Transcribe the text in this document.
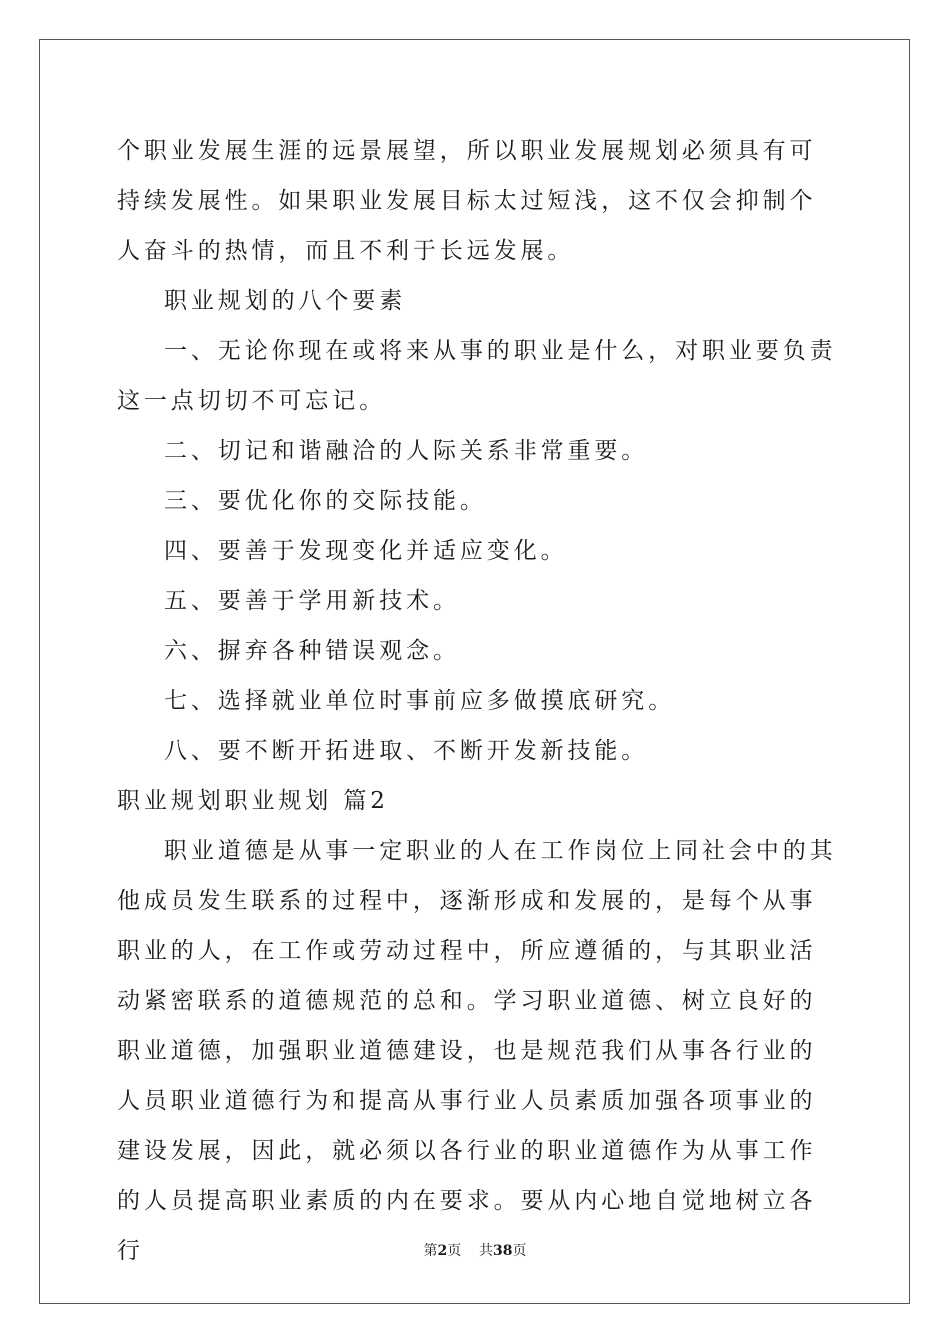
个职业发展生涯的远景展望，所以职业发展规划必须具有可持续发展性。如果职业发展目标太过短浅，这不仅会抑制个人奋斗的热情，而且不利于长远发展。

职业规划的八个要素

一、无论你现在或将来从事的职业是什么，对职业要负责这一点切切不可忘记。

二、切记和谐融洽的人际关系非常重要。

三、要优化你的交际技能。

四、要善于发现变化并适应变化。

五、要善于学用新技术。

六、摒弃各种错误观念。

七、选择就业单位时事前应多做摸底研究。

八、要不断开拓进取、不断开发新技能。

职业规划职业规划 篇2

职业道德是从事一定职业的人在工作岗位上同社会中的其他成员发生联系的过程中，逐渐形成和发展的，是每个从事职业的人，在工作或劳动过程中，所应遵循的，与其职业活动紧密联系的道德规范的总和。学习职业道德、树立良好的职业道德，加强职业道德建设，也是规范我们从事各行业的人员职业道德行为和提高从事行业人员素质加强各项事业的建设发展，因此，就必须以各行业的职业道德作为从事工作的人员提高职业素质的内在要求。要从内心地自觉地树立各行	第2页 共38页
